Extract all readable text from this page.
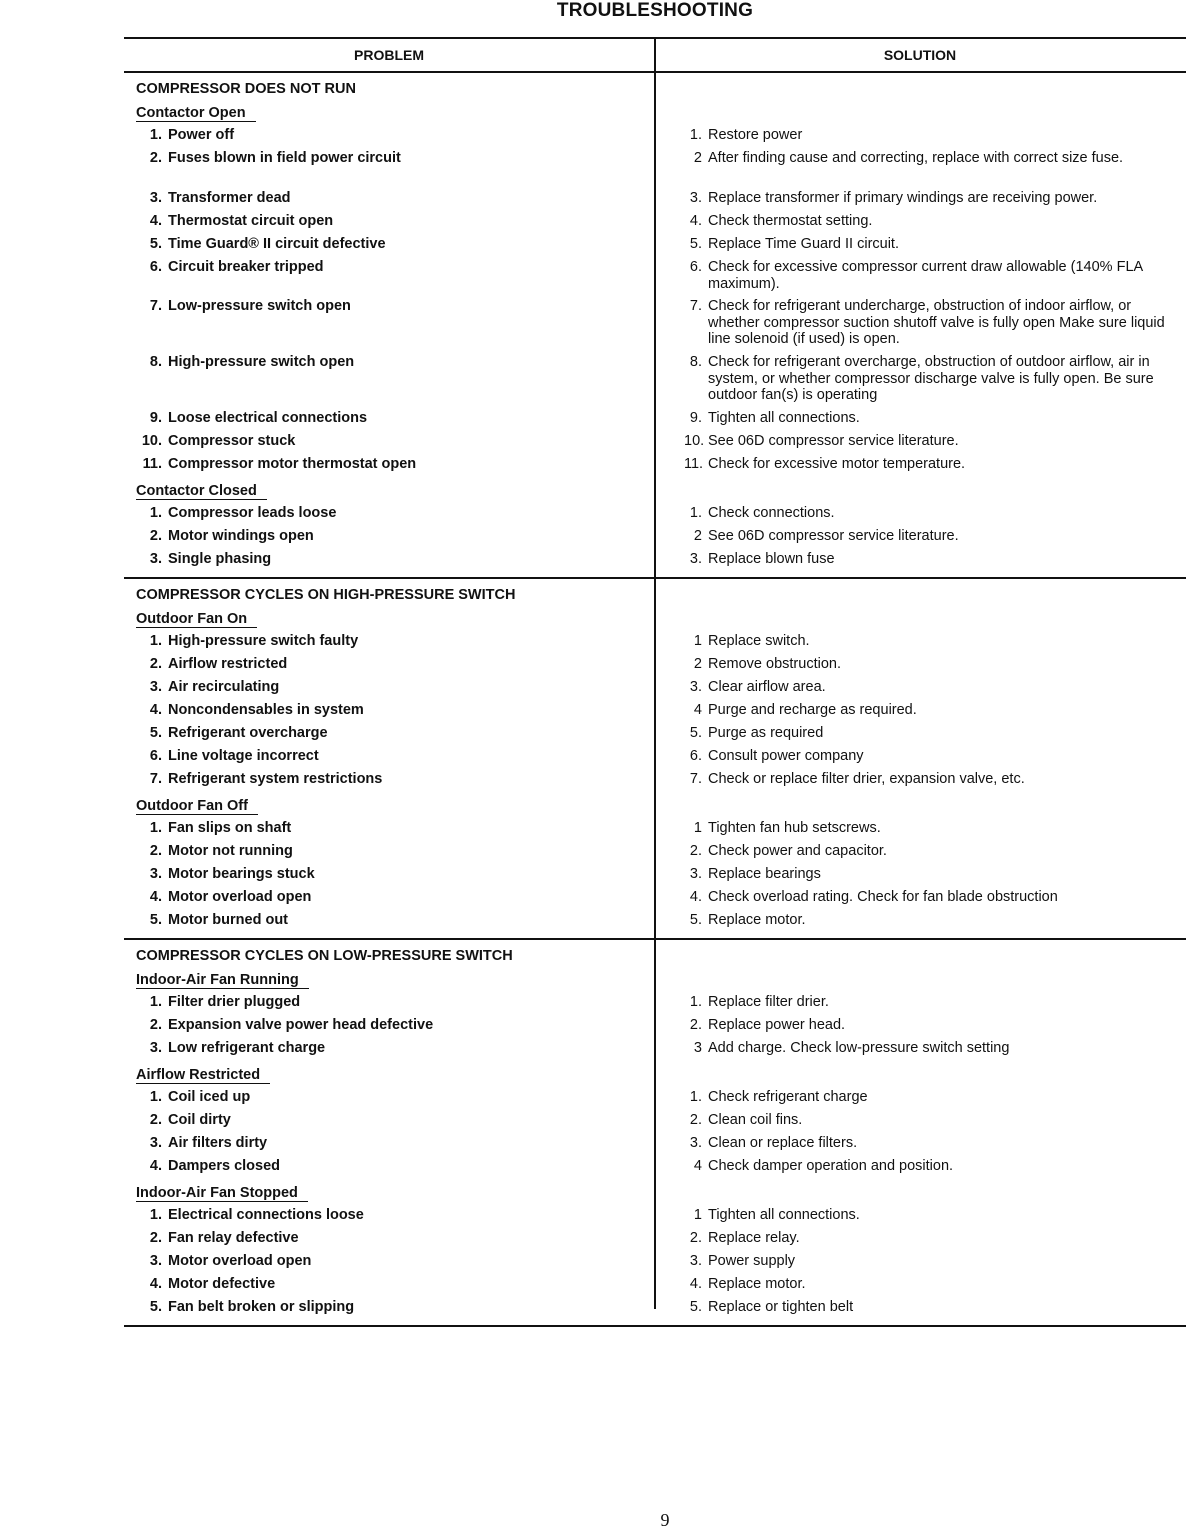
TROUBLESHOOTING
PROBLEM	SOLUTION
COMPRESSOR DOES NOT RUN
Contactor Open
1. Power off	1. Restore power
2. Fuses blown in field power circuit	2 After finding cause and correcting, replace with correct size fuse.
3. Transformer dead	3. Replace transformer if primary windings are receiving power.
4. Thermostat circuit open	4. Check thermostat setting.
5. Time Guard® II circuit defective	5. Replace Time Guard II circuit.
6. Circuit breaker tripped	6. Check for excessive compressor current draw allowable (140% FLA maximum).
7. Low-pressure switch open	7. Check for refrigerant undercharge, obstruction of indoor airflow, or whether compressor suction shutoff valve is fully open Make sure liquid line solenoid (if used) is open.
8. High-pressure switch open	8. Check for refrigerant overcharge, obstruction of outdoor airflow, air in system, or whether compressor discharge valve is fully open. Be sure outdoor fan(s) is operating
9. Loose electrical connections	9. Tighten all connections.
10. Compressor stuck	10. See 06D compressor service literature.
11. Compressor motor thermostat open	11. Check for excessive motor temperature.
Contactor Closed
1. Compressor leads loose	1. Check connections.
2. Motor windings open	2 See 06D compressor service literature.
3. Single phasing	3. Replace blown fuse
COMPRESSOR CYCLES ON HIGH-PRESSURE SWITCH
Outdoor Fan On
1. High-pressure switch faulty	1 Replace switch.
2. Airflow restricted	2 Remove obstruction.
3. Air recirculating	3. Clear airflow area.
4. Noncondensables in system	4 Purge and recharge as required.
5. Refrigerant overcharge	5. Purge as required
6. Line voltage incorrect	6. Consult power company
7. Refrigerant system restrictions	7. Check or replace filter drier, expansion valve, etc.
Outdoor Fan Off
1. Fan slips on shaft	1 Tighten fan hub setscrews.
2. Motor not running	2. Check power and capacitor.
3. Motor bearings stuck	3. Replace bearings
4. Motor overload open	4. Check overload rating. Check for fan blade obstruction
5. Motor burned out	5. Replace motor.
COMPRESSOR CYCLES ON LOW-PRESSURE SWITCH
Indoor-Air Fan Running
1. Filter drier plugged	1. Replace filter drier.
2. Expansion valve power head defective	2. Replace power head.
3. Low refrigerant charge	3 Add charge. Check low-pressure switch setting
Airflow Restricted
1. Coil iced up	1. Check refrigerant charge
2. Coil dirty	2. Clean coil fins.
3. Air filters dirty	3. Clean or replace filters.
4. Dampers closed	4 Check damper operation and position.
Indoor-Air Fan Stopped
1. Electrical connections loose	1 Tighten all connections.
2. Fan relay defective	2. Replace relay.
3. Motor overload open	3. Power supply
4. Motor defective	4. Replace motor.
5. Fan belt broken or slipping	5. Replace or tighten belt
9
